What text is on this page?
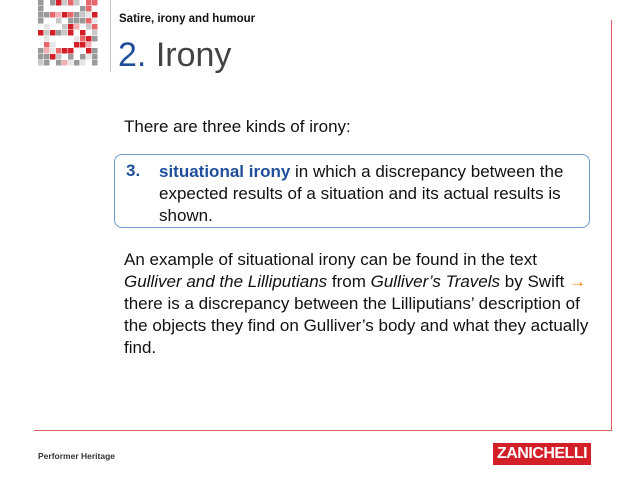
Satire, irony and humour
2. Irony
There are three kinds of irony:
3. situational irony in which a discrepancy between the expected results of a situation and its actual results is shown.
An example of situational irony can be found in the text Gulliver and the Lilliputians from Gulliver’s Travels by Swift → there is a discrepancy between the Lilliputians’ description of the objects they find on Gulliver’s body and what they actually find.
Performer Heritage	ZANICHELLI
